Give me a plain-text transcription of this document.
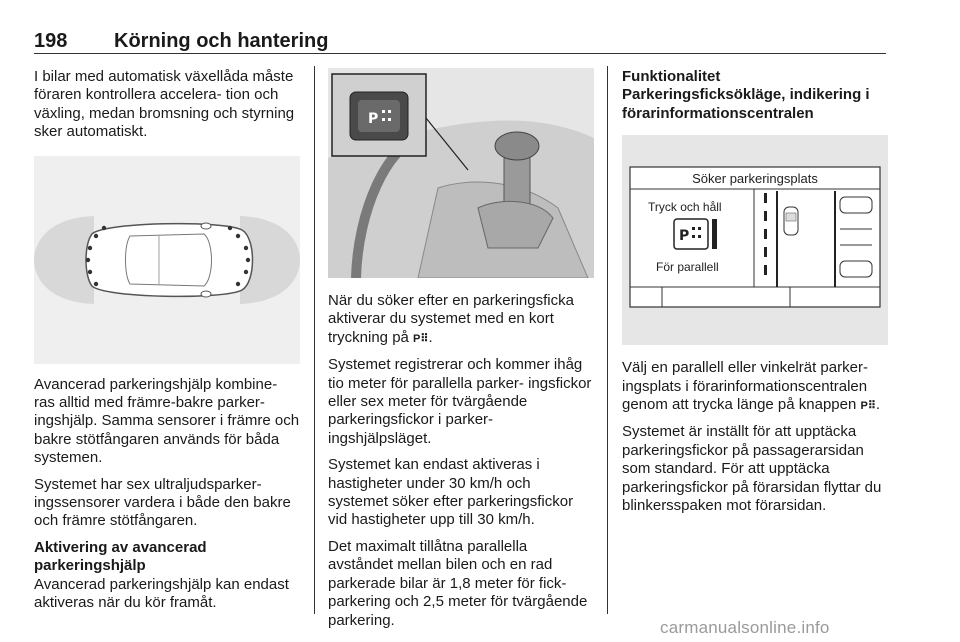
198 Körning och hantering

I bilar med automatisk växellåda måste föraren kontrollera accelera- tion och växling, medan bromsning och styrning sker automatiskt.

Avancerad parkeringshjälp kombine- ras alltid med främre-bakre parker- ingshjälp. Samma sensorer i främre och bakre stötfångaren används för båda systemen.

Systemet har sex ultraljudsparker- ingssensorer vardera i både den bakre och främre stötfångaren.

Aktivering av avancerad parkeringshjälp

Avancerad parkeringshjälp kan endast aktiveras när du kör framåt.

P

När du söker efter en parkeringsficka aktiverar du systemet med en kort tryckning på P⠿.

Systemet registrerar och kommer ihåg tio meter för parallella parker- ingsfickor eller sex meter för tvärgående parkeringsfickor i parker- ingshjälpsläget.

Systemet kan endast aktiveras i hastigheter under 30 km/h och systemet söker efter parkeringsfickor vid hastigheter upp till 30 km/h.

Det maximalt tillåtna parallella avståndet mellan bilen och en rad parkerade bilar är 1,8 meter för fick- parkering och 2,5 meter för tvärgående parkering.

Funktionalitet

Parkeringsficksökläge, indikering i förarinformationscentralen

Söker parkeringsplats
Tryck och håll
P
För parallell

Välj en parallell eller vinkelrät parker- ingsplats i förarinformationscentralen genom att trycka länge på knappen P⠿.

Systemet är inställt för att upptäcka parkeringsfickor på passagerarsidan som standard. För att upptäcka parkeringsfickor på förarsidan flyttar du blinkersspaken mot förarsidan.

carmanualsonline.info
